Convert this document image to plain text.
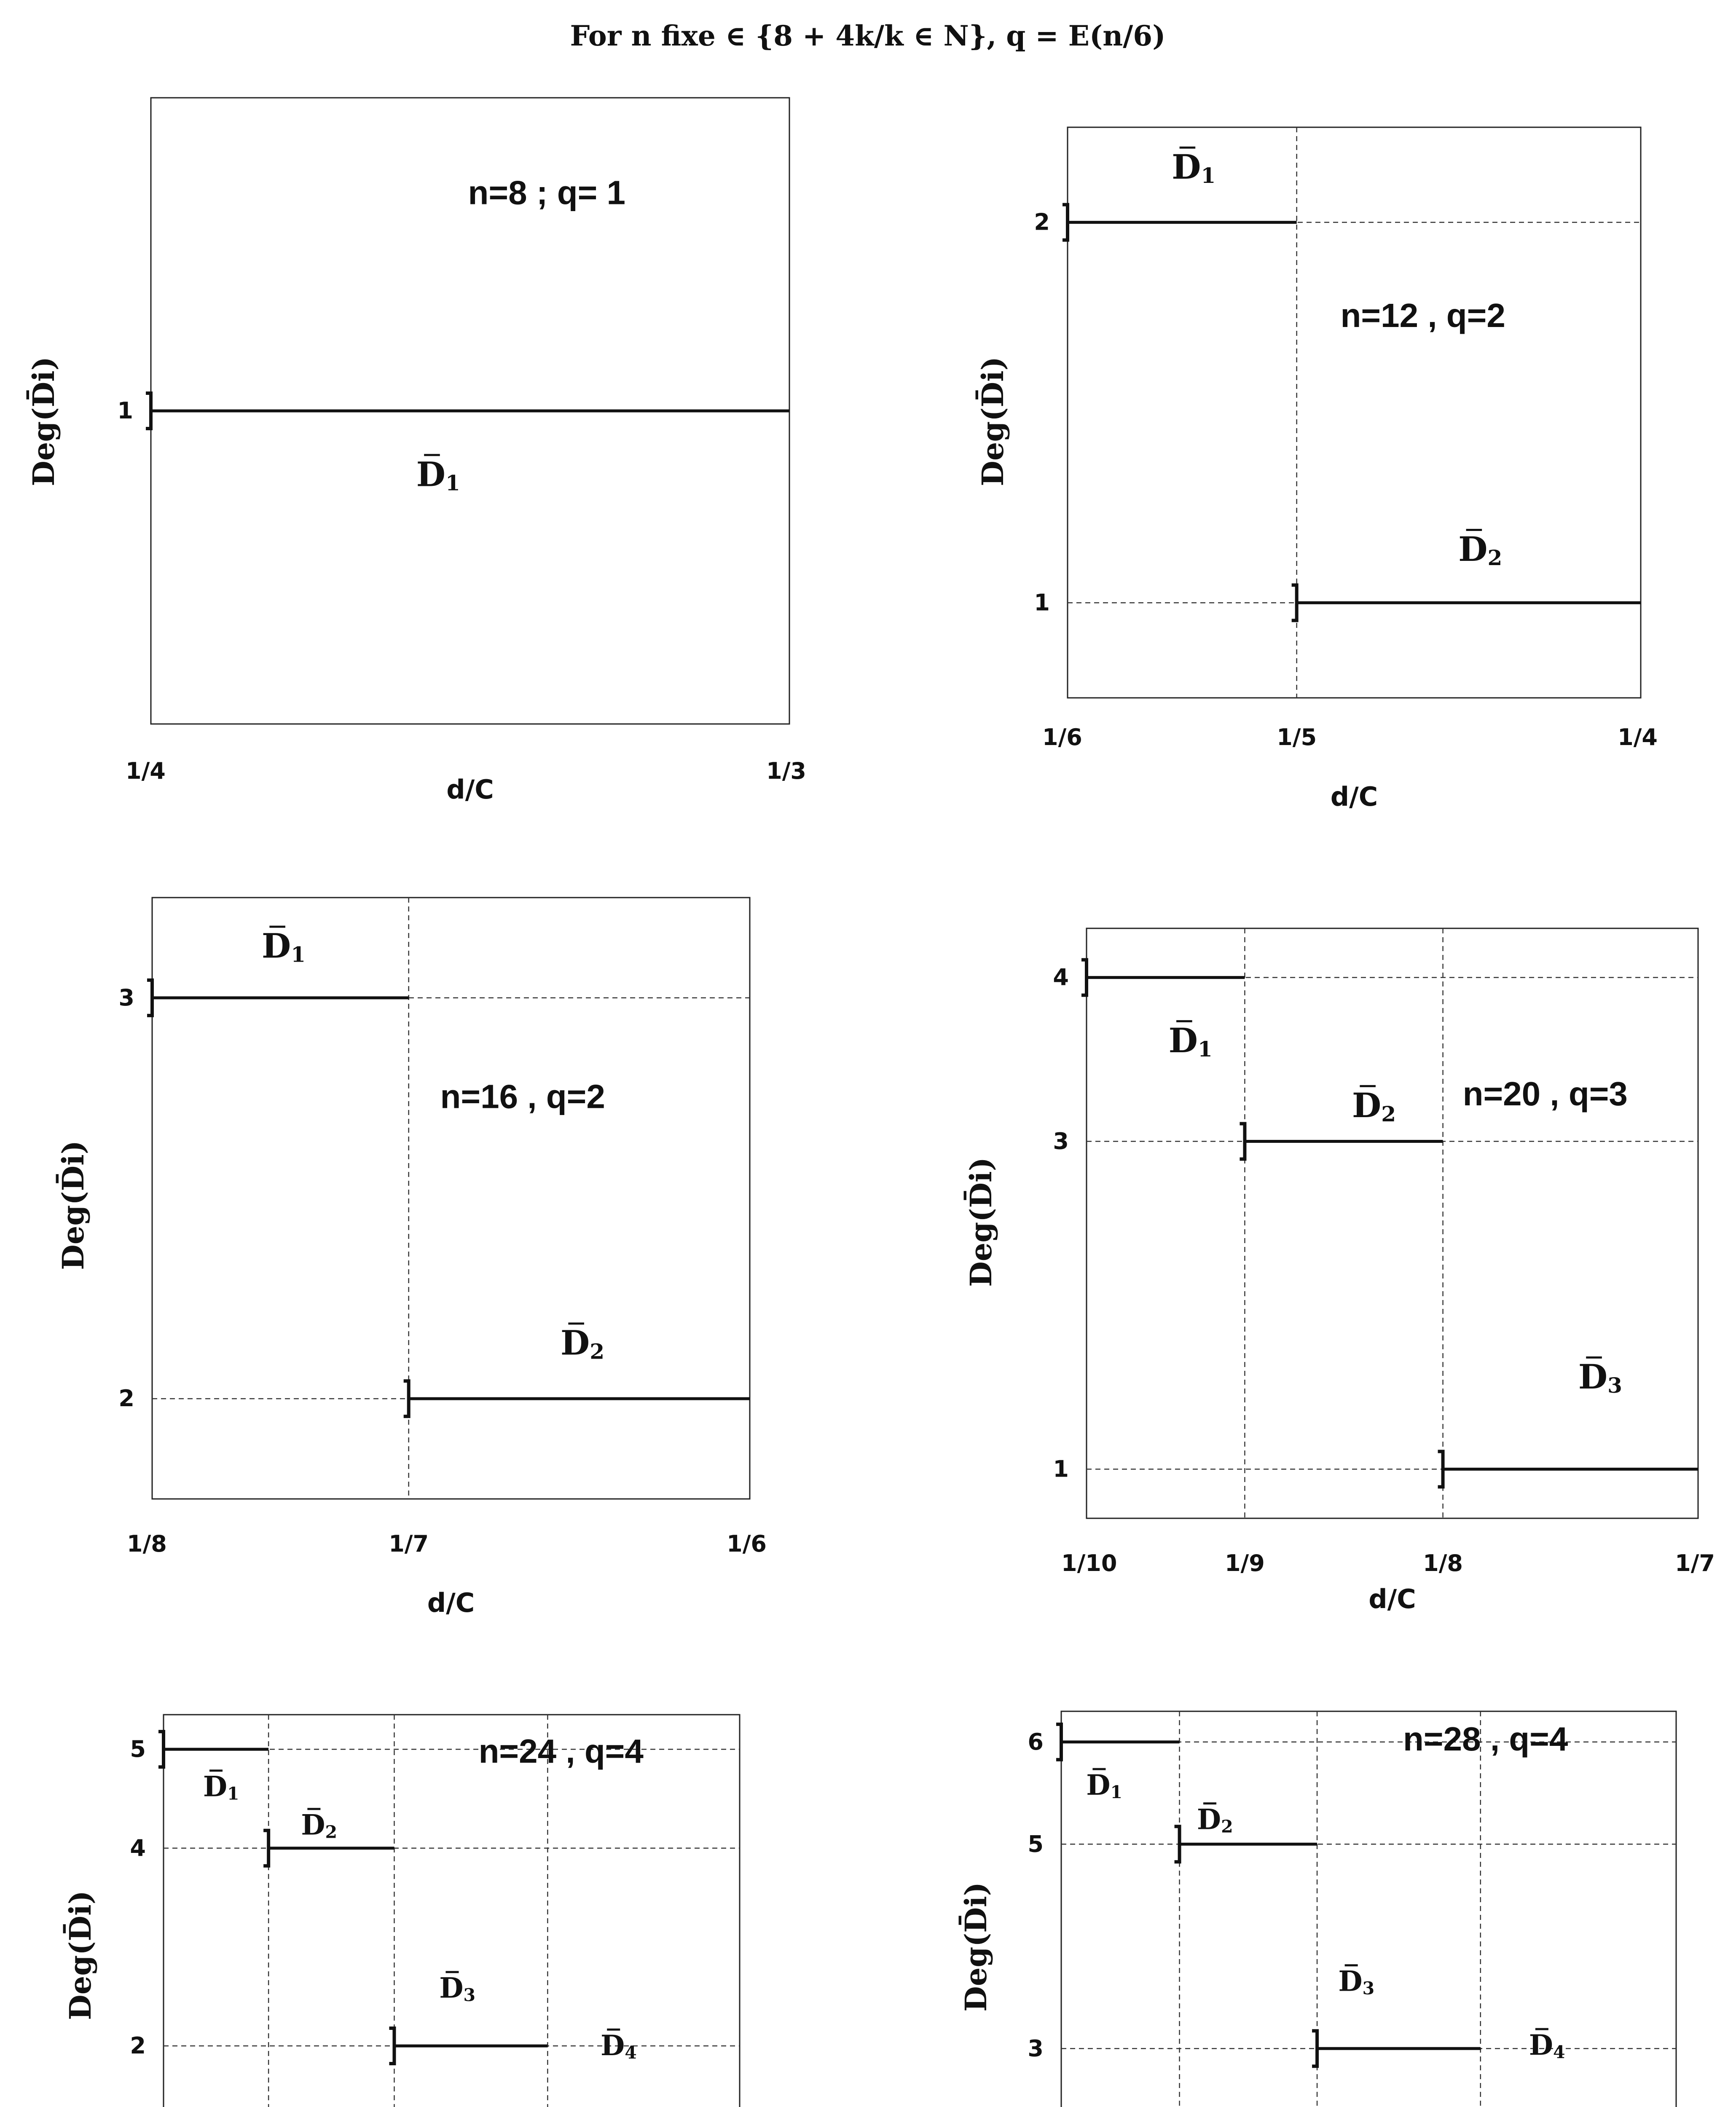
For n fixe ∈ {8 + 4k/k ∈ N}, q = E(n/6)
D1
1
1/4	1/3
n=8 ; q= 1
d/C
Deg(D̄i)
D1
D2
1
2
1/6	1/5	1/4
n=12 , q=2
d/C
Deg(D̄i)
D1
D2
2
3
1/8	1/7	1/6
n=16 , q=2
d/C
Deg(D̄i)
D1
D2
D3
1
3
4
1/10	1/9	1/8	1/7
n=20 , q=3
d/C
Deg(D̄i)
D1
D2
D3
D4
2
4
5	n=24 , q=4
Deg(D̄i)
D1
D2
D3
D4
3
5
6	n=28 , q=4
Deg(D̄i)
